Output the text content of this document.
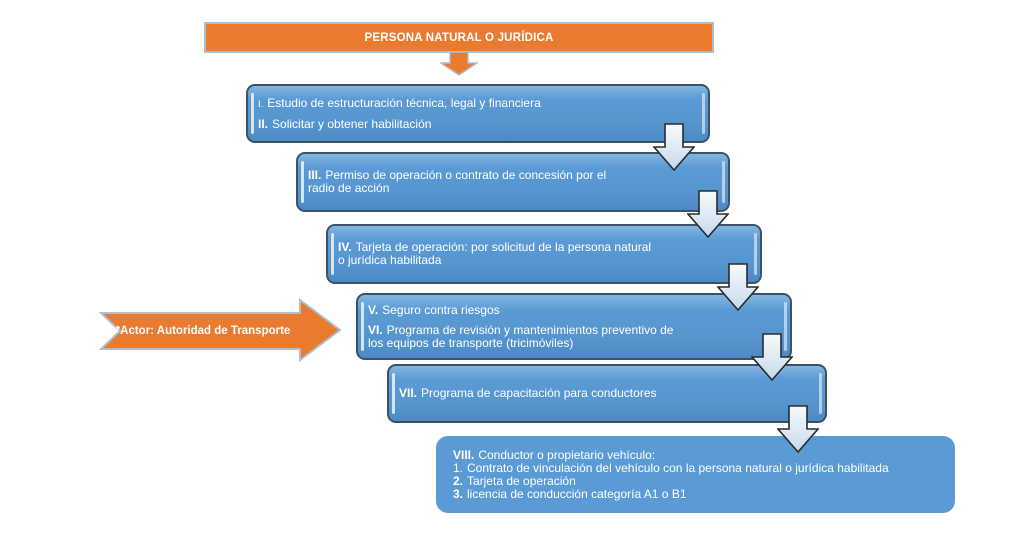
PERSONA NATURAL O JURÍDICA
I. Estudio de estructuración técnica, legal y financiera
II. Solicitar y obtener habilitación
III. Permiso de operación o contrato de concesión por el
radio de acción
IV. Tarjeta de operación: por solicitud de la persona natural
o jurídica habilitada
V. Seguro contra riesgos
VI. Programa de revisión y mantenimientos preventivo de
los equipos de transporte (tricimóviles)
VII. Programa de capacitación para conductores
VIII. Conductor o propietario vehículo:
1. Contrato de vinculación del vehículo con la persona natural o jurídica habilitada
2. Tarjeta de operación
3. licencia de conducción categoría A1 o B1
*Actor: Autoridad de Transporte
